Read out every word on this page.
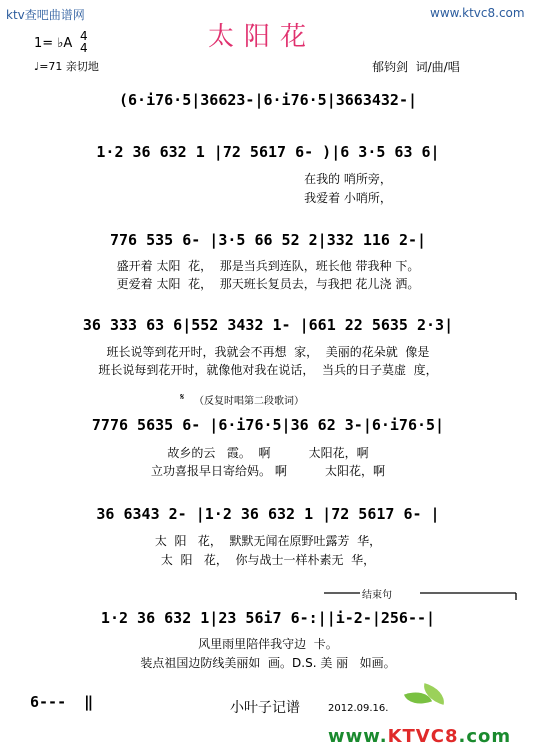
ktv查吧曲谱网	www.ktvc8.com
太阳花
1= ♭A 4
4
♩=71 亲切地	郁钧剑  词/曲/唱
(6·i76·5|36623-|6·i76·5|3663432-|
1·2 36 632 1 |72 5617 6- )|6 3·5 63 6|
在我的 哨所旁，
我爱着 小哨所，
776 535 6- |3·5 66 52 2|332 116 2-|
盛开着 太阳  花，  那是当兵到连队，班长他 带我种 下。
更爱着 太阳  花，  那天班长复员去，与我把 花儿浇 洒。
36 333 63 6|552 3432 1- |661 22 5635 2·3|
班长说等到花开时，我就会不再想  家，  美丽的花朵就  像是
班长说每到花开时，就像他对我在说话，  当兵的日子莫虚  度，
𝄋 （反复时唱第二段歌词）
7776 5635 6- |6·i76·5|36 62 3-|6·i76·5|
故乡的云   霞。  啊          太阳花，啊
立功喜报早日寄给妈。 啊          太阳花，啊
36 6343 2- |1·2 36 632 1 |72 5617 6- |
太  阳   花，  默默无闻在原野吐露芳  华，
太  阳   花，  你与战士一样朴素无  华，
结束句
1·2 36 632 1|23 56i7 6-:||i-2-|256--|
风里雨里陪伴我守边  卡。
装点祖国边防线美丽如  画。D.S. 美 丽   如画。
6---  ‖	小叶子记谱	2012.09.16.
www.KTVC8.com
